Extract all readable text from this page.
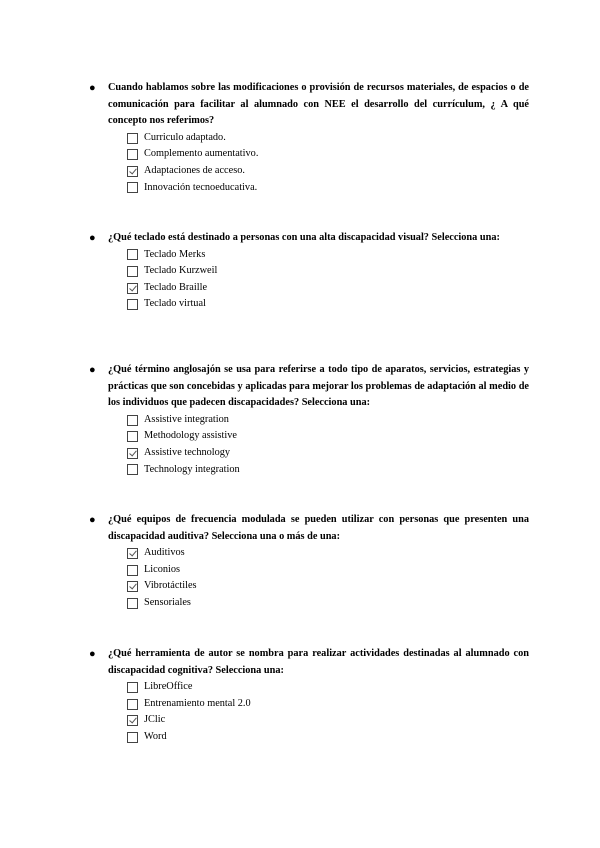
●	Cuando hablamos sobre las modificaciones o provisión de recursos materiales, de espacios o de comunicación para facilitar al alumnado con NEE el desarrollo del currículum, ¿ A qué concepto nos referimos?
Curriculo adaptado.
Complemento aumentativo.
Adaptaciones de acceso.
Innovación tecnoeducativa.
●	¿Qué teclado está destinado a personas con una alta discapacidad visual? Selecciona una:
Teclado Merks
Teclado Kurzweil
Teclado Braille
Teclado virtual
●	¿Qué término anglosajón se usa para referirse a todo tipo de aparatos, servicios, estrategias y prácticas que son concebidas y aplicadas para mejorar los problemas de adaptación al medio de los individuos que padecen discapacidades? Selecciona una:
Assistive integration
Methodology assistive
Assistive technology
Technology integration
●	¿Qué equipos de frecuencia modulada se pueden utilizar con personas que presenten una discapacidad auditiva? Selecciona una o más de una:
Auditivos
Liconios
Vibrotáctiles
Sensoriales
●	¿Qué herramienta de autor se nombra para realizar actividades destinadas al alumnado con discapacidad cognitiva? Selecciona una:
LibreOffice
Entrenamiento mental 2.0
JClic
Word
